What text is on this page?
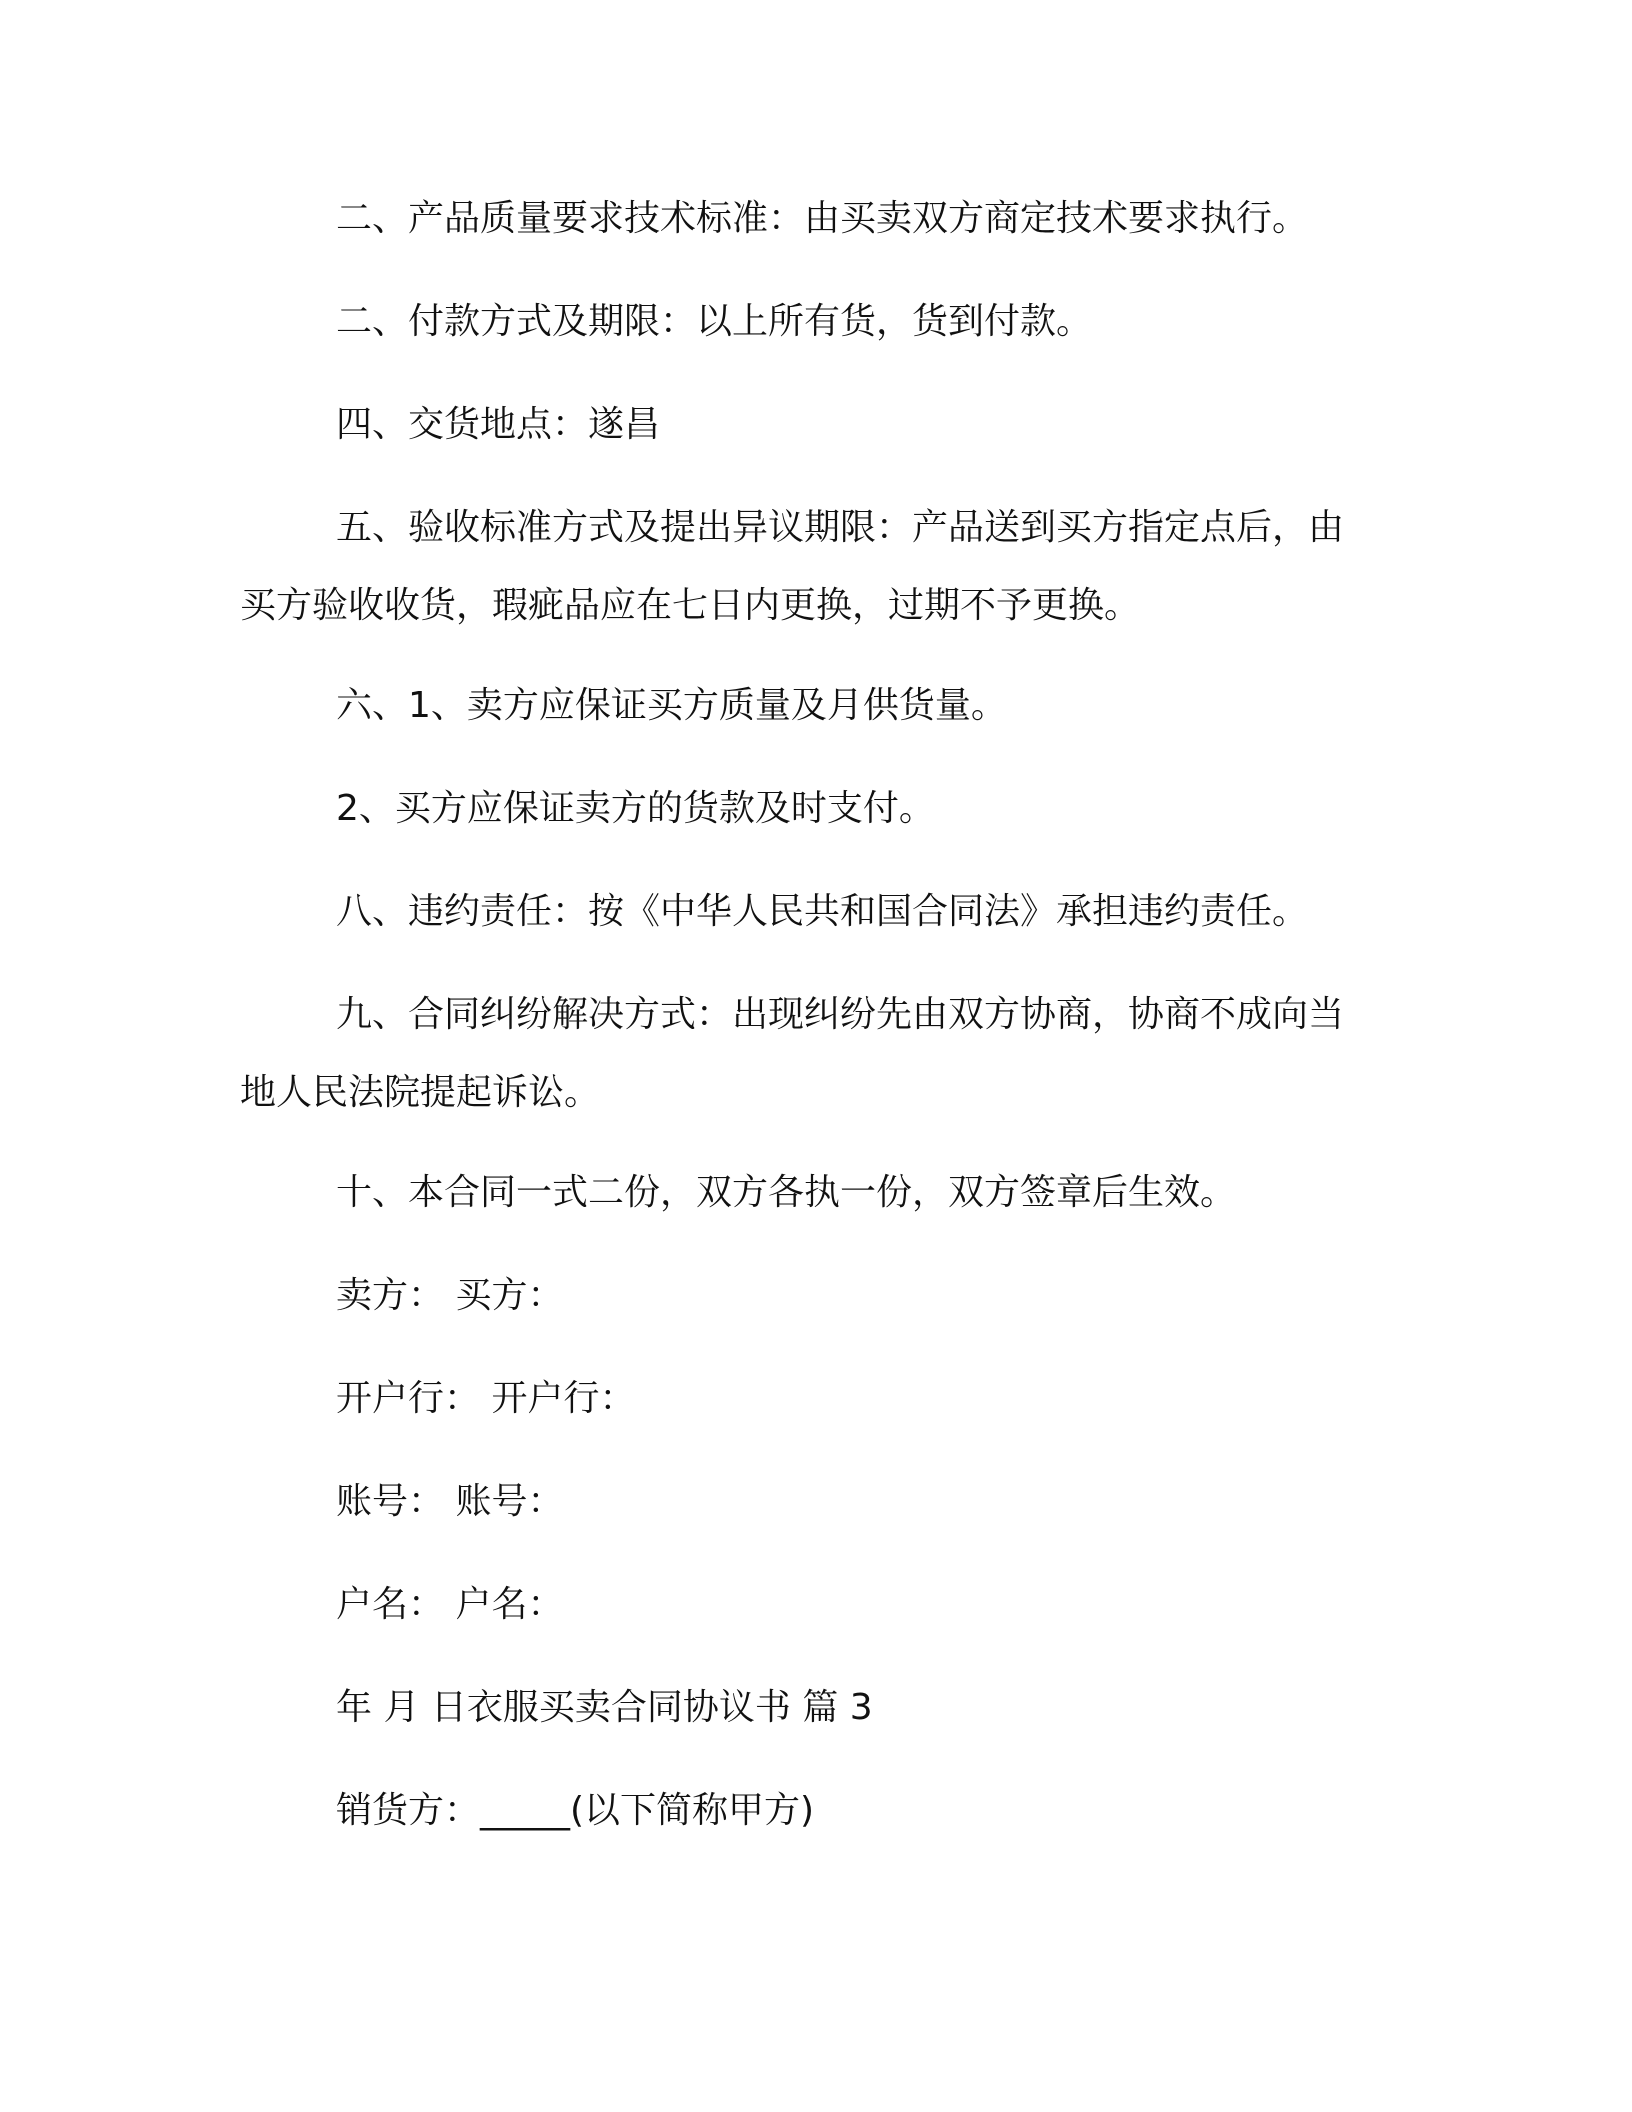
二、产品质量要求技术标准：由买卖双方商定技术要求执行。

二、付款方式及期限：以上所有货，货到付款。

四、交货地点：遂昌

五、验收标准方式及提出异议期限：产品送到买方指定点后，由
买方验收收货，瑕疵品应在七日内更换，过期不予更换。

六、1、卖方应保证买方质量及月供货量。

2、买方应保证卖方的货款及时支付。

八、违约责任：按《中华人民共和国合同法》承担违约责任。

九、合同纠纷解决方式：出现纠纷先由双方协商，协商不成向当
地人民法院提起诉讼。

十、本合同一式二份，双方各执一份，双方签章后生效。

卖方： 买方：

开户行： 开户行：

账号： 账号：

户名： 户名：

年 月 日衣服买卖合同协议书 篇 3

销货方：_____(以下简称甲方)
